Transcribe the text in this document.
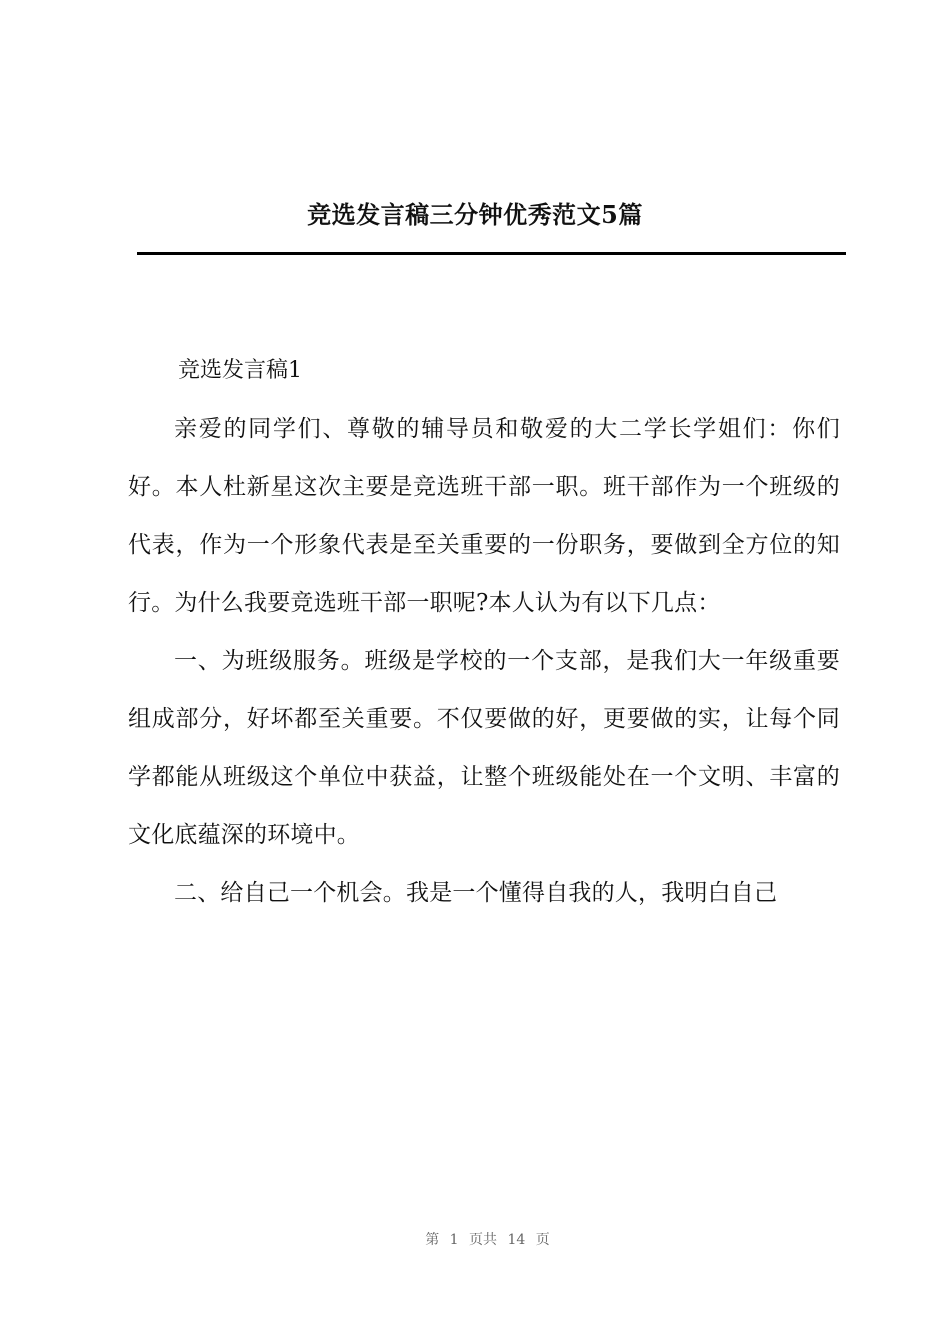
竞选发言稿三分钟优秀范文5篇

竞选发言稿1

亲爱的同学们、尊敬的辅导员和敬爱的大二学长学姐们：你们好。本人杜新星这次主要是竞选班干部一职。班干部作为一个班级的代表，作为一个形象代表是至关重要的一份职务，要做到全方位的知行。为什么我要竞选班干部一职呢?本人认为有以下几点：

一、为班级服务。班级是学校的一个支部，是我们大一年级重要组成部分，好坏都至关重要。不仅要做的好，更要做的实，让每个同学都能从班级这个单位中获益，让整个班级能处在一个文明、丰富的文化底蕴深的环境中。

二、给自己一个机会。我是一个懂得自我的人，我明白自己

第 1 页共 14 页
